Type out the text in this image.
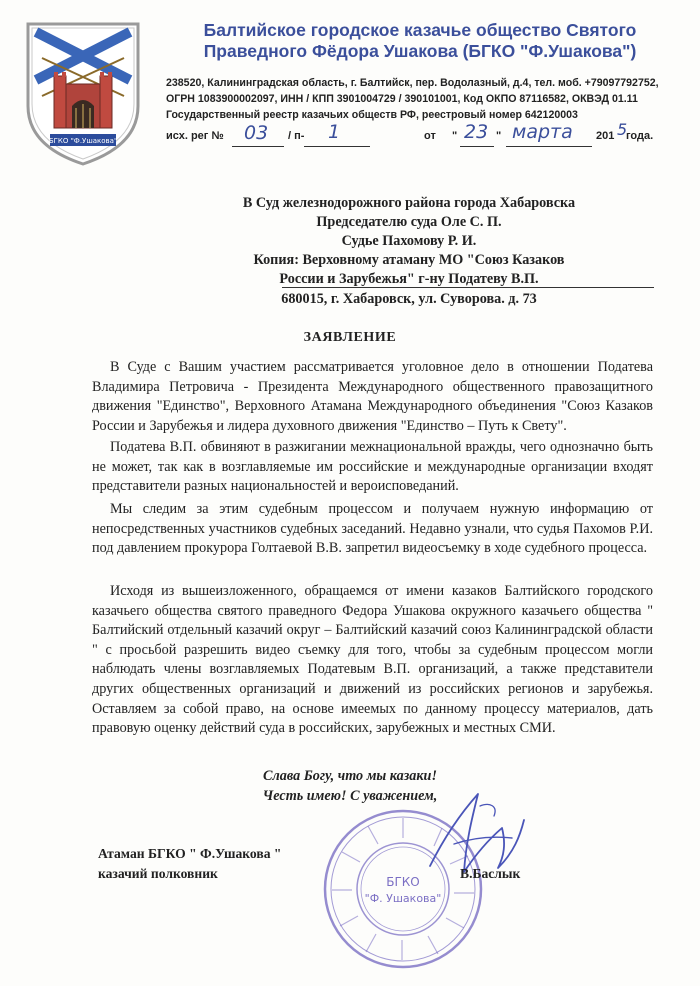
БГКО "Ф.Ушакова"
Балтийское городское казачье общество Святого
Праведного Фёдора Ушакова (БГКО "Ф.Ушакова")
238520, Калининградская область, г. Балтийск, пер. Водолазный, д.4, тел. моб. +79097792752,
ОГРН 1083900002097, ИНН / КПП 3901004729 / 390101001, Код ОКПО 87116582, ОКВЭД 01.11
Государственный реестр казачьих обществ РФ, реестровый номер 642120003
исх. рег № 03 / п- 1	от " 23 " марта 201 5
года.
В Суд железнодорожного района города Хабаровска
Председателю суда Оле С. П.
Судье Пахомову Р. И.
Копия: Верховному атаману МО "Союз Казаков
России и Зарубежья" г-ну Податеву В.П.
680015, г. Хабаровск, ул. Суворова. д. 73
ЗАЯВЛЕНИЕ
В Суде с Вашим участием рассматривается уголовное дело в отношении Податева Владимира Петровича - Президента Международного общественного правозащитного движения "Единство", Верховного Атамана Международного объединения "Союз Казаков России и Зарубежья и лидера духовного движения "Единство – Путь к Свету".
Податева В.П. обвиняют в разжигании межнациональной вражды, чего однозначно быть не может, так как в возглавляемые им российские и международные организации входят представители разных национальностей и вероисповеданий.
Мы следим за этим судебным процессом и получаем нужную информацию от непосредственных участников судебных заседаний. Недавно узнали, что судья Пахомов Р.И. под давлением прокурора Голтаевой В.В. запретил видеосъемку в ходе судебного процесса.
Исходя из вышеизложенного, обращаемся от имени казаков Балтийского городского казачьего общества святого праведного Федора Ушакова окружного казачьего общества " Балтийский отдельный казачий округ – Балтийский казачий союз Калининградской области " с просьбой разрешить видео съемку для того, чтобы за судебным процессом могли наблюдать члены возглавляемых Податевым В.П. организаций, а также представители других общественных организаций и движений из российских регионов и зарубежья. Оставляем за собой право, на основе имеемых по данному процессу материалов, дать правовую оценку действий суда в российских, зарубежных и местных СМИ.
Слава Богу, что мы казаки!
Честь имею! С уважением,
БГКО
"Ф. Ушакова"
Атаман БГКО " Ф.Ушакова "
казачий полковник	В.Баслык
